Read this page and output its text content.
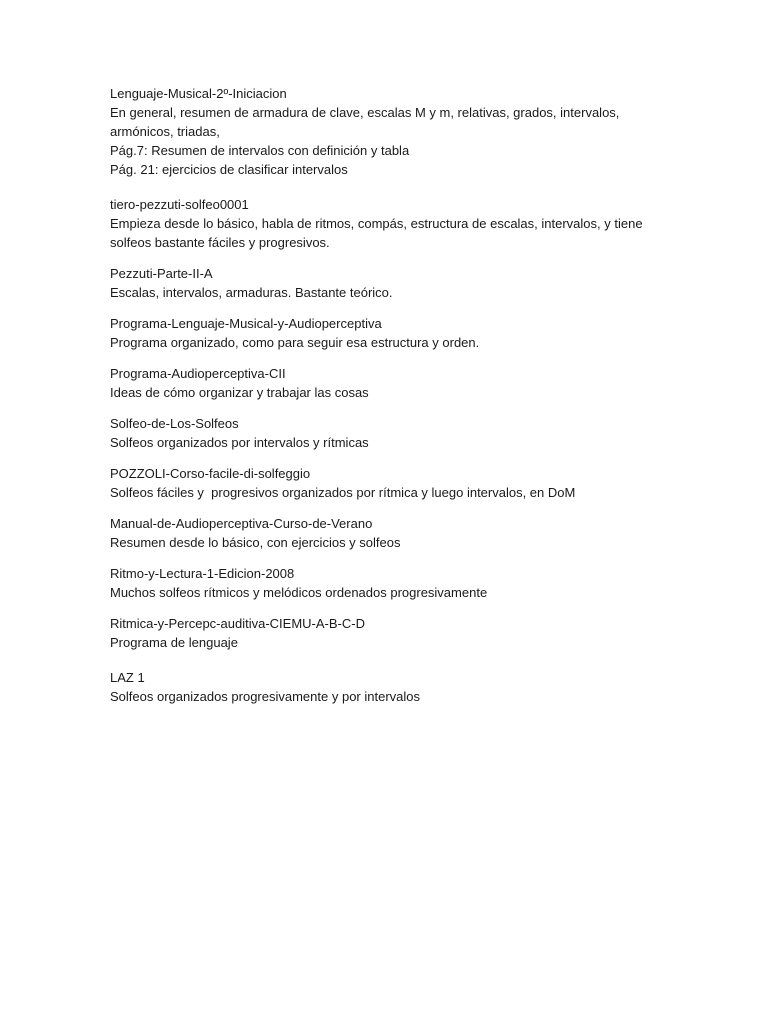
Lenguaje-Musical-2º-Iniciacion
En general, resumen de armadura de clave, escalas M y m, relativas, grados, intervalos,
armónicos, triadas,
Pág.7: Resumen de intervalos con definición y tabla
Pág. 21: ejercicios de clasificar intervalos
tiero-pezzuti-solfeo0001
Empieza desde lo básico, habla de ritmos, compás, estructura de escalas, intervalos, y tiene
solfeos bastante fáciles y progresivos.
Pezzuti-Parte-II-A
Escalas, intervalos, armaduras. Bastante teórico.
Programa-Lenguaje-Musical-y-Audioperceptiva
Programa organizado, como para seguir esa estructura y orden.
Programa-Audioperceptiva-CII
Ideas de cómo organizar y trabajar las cosas
Solfeo-de-Los-Solfeos
Solfeos organizados por intervalos y rítmicas
POZZOLI-Corso-facile-di-solfeggio
Solfeos fáciles y  progresivos organizados por rítmica y luego intervalos, en DoM
Manual-de-Audioperceptiva-Curso-de-Verano
Resumen desde lo básico, con ejercicios y solfeos
Ritmo-y-Lectura-1-Edicion-2008
Muchos solfeos rítmicos y melódicos ordenados progresivamente
Ritmica-y-Percepc-auditiva-CIEMU-A-B-C-D
Programa de lenguaje
LAZ 1
Solfeos organizados progresivamente y por intervalos
